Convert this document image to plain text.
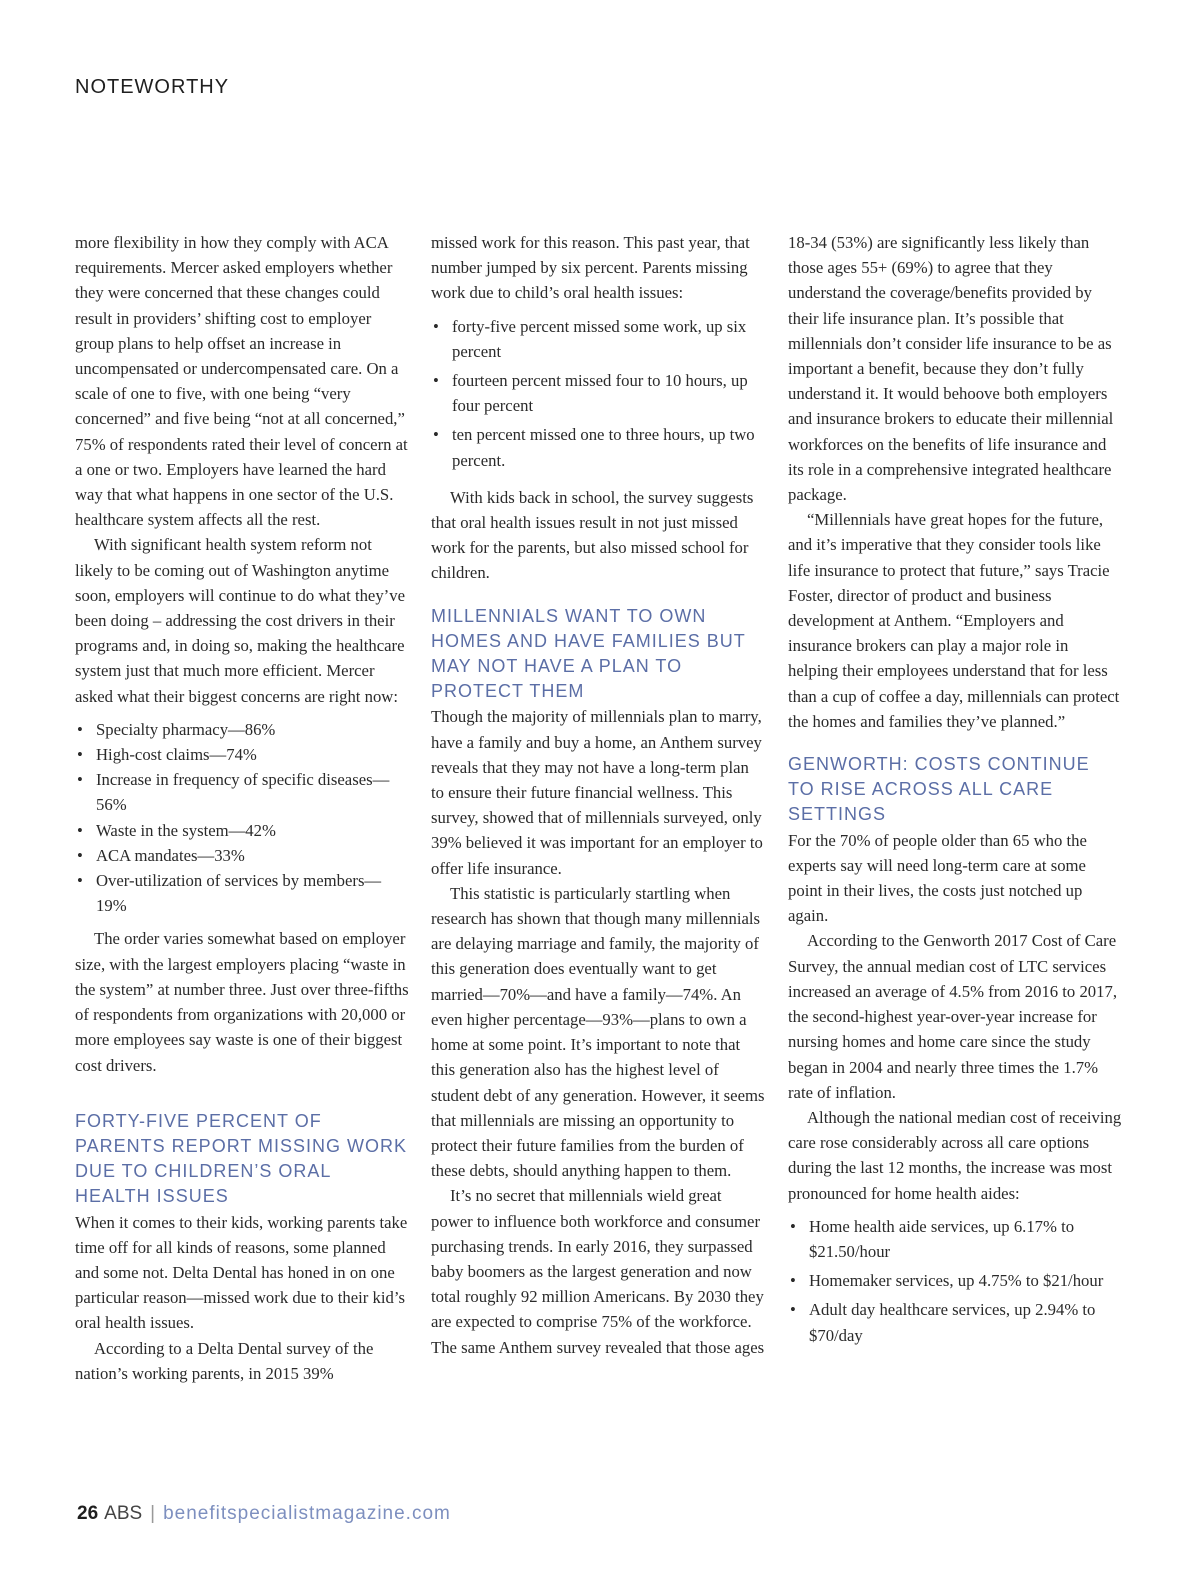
NOTEWORTHY

more flexibility in how they comply with ACA requirements. Mercer asked employers whether they were concerned that these changes could result in providers’ shifting cost to employer group plans to help offset an increase in uncompensated or undercompensated care. On a scale of one to five, with one being “very concerned” and five being “not at all concerned,” 75% of respondents rated their level of concern at a one or two. Employers have learned the hard way that what happens in one sector of the U.S. healthcare system affects all the rest.

With significant health system reform not likely to be coming out of Washington anytime soon, employers will continue to do what they’ve been doing – addressing the cost drivers in their programs and, in doing so, making the healthcare system just that much more efficient. Mercer asked what their biggest concerns are right now:

• Specialty pharmacy—86%
• High-cost claims—74%
• Increase in frequency of specific diseases—56%
• Waste in the system—42%
• ACA mandates—33%
• Over-utilization of services by members—19%

The order varies somewhat based on employer size, with the largest employers placing “waste in the system” at number three. Just over three-fifths of respondents from organizations with 20,000 or more employees say waste is one of their biggest cost drivers.

FORTY-FIVE PERCENT OF PARENTS REPORT MISSING WORK DUE TO CHILDREN’S ORAL HEALTH ISSUES

When it comes to their kids, working parents take time off for all kinds of reasons, some planned and some not. Delta Dental has honed in on one particular reason—missed work due to their kid’s oral health issues.

According to a Delta Dental survey of the nation’s working parents, in 2015 39%

missed work for this reason. This past year, that number jumped by six percent. Parents missing work due to child’s oral health issues:

• forty-five percent missed some work, up six percent
• fourteen percent missed four to 10 hours, up four percent
• ten percent missed one to three hours, up two percent.

With kids back in school, the survey suggests that oral health issues result in not just missed work for the parents, but also missed school for children.

MILLENNIALS WANT TO OWN HOMES AND HAVE FAMILIES BUT MAY NOT HAVE A PLAN TO PROTECT THEM

Though the majority of millennials plan to marry, have a family and buy a home, an Anthem survey reveals that they may not have a long-term plan to ensure their future financial wellness. This survey, showed that of millennials surveyed, only 39% believed it was important for an employer to offer life insurance.

This statistic is particularly startling when research has shown that though many millennials are delaying marriage and family, the majority of this generation does eventually want to get married—70%—and have a family—74%. An even higher percentage—93%—plans to own a home at some point. It’s important to note that this generation also has the highest level of student debt of any generation. However, it seems that millennials are missing an opportunity to protect their future families from the burden of these debts, should anything happen to them.

It’s no secret that millennials wield great power to influence both workforce and consumer purchasing trends. In early 2016, they surpassed baby boomers as the largest generation and now total roughly 92 million Americans. By 2030 they are expected to comprise 75% of the workforce. The same Anthem survey revealed that those ages

18-34 (53%) are significantly less likely than those ages 55+ (69%) to agree that they understand the coverage/benefits provided by their life insurance plan. It’s possible that millennials don’t consider life insurance to be as important a benefit, because they don’t fully understand it. It would behoove both employers and insurance brokers to educate their millennial workforces on the benefits of life insurance and its role in a comprehensive integrated healthcare package.

“Millennials have great hopes for the future, and it’s imperative that they consider tools like life insurance to protect that future,” says Tracie Foster, director of product and business development at Anthem. “Employers and insurance brokers can play a major role in helping their employees understand that for less than a cup of coffee a day, millennials can protect the homes and families they’ve planned.”

GENWORTH: COSTS CONTINUE TO RISE ACROSS ALL CARE SETTINGS

For the 70% of people older than 65 who the experts say will need long-term care at some point in their lives, the costs just notched up again.

According to the Genworth 2017 Cost of Care Survey, the annual median cost of LTC services increased an average of 4.5% from 2016 to 2017, the second-highest year-over-year increase for nursing homes and home care since the study began in 2004 and nearly three times the 1.7% rate of inflation.

Although the national median cost of receiving care rose considerably across all care options during the last 12 months, the increase was most pronounced for home health aides:

• Home health aide services, up 6.17% to $21.50/hour
• Homemaker services, up 4.75% to $21/hour
• Adult day healthcare services, up 2.94% to $70/day
26 ABS | benefitspecialistmagazine.com
